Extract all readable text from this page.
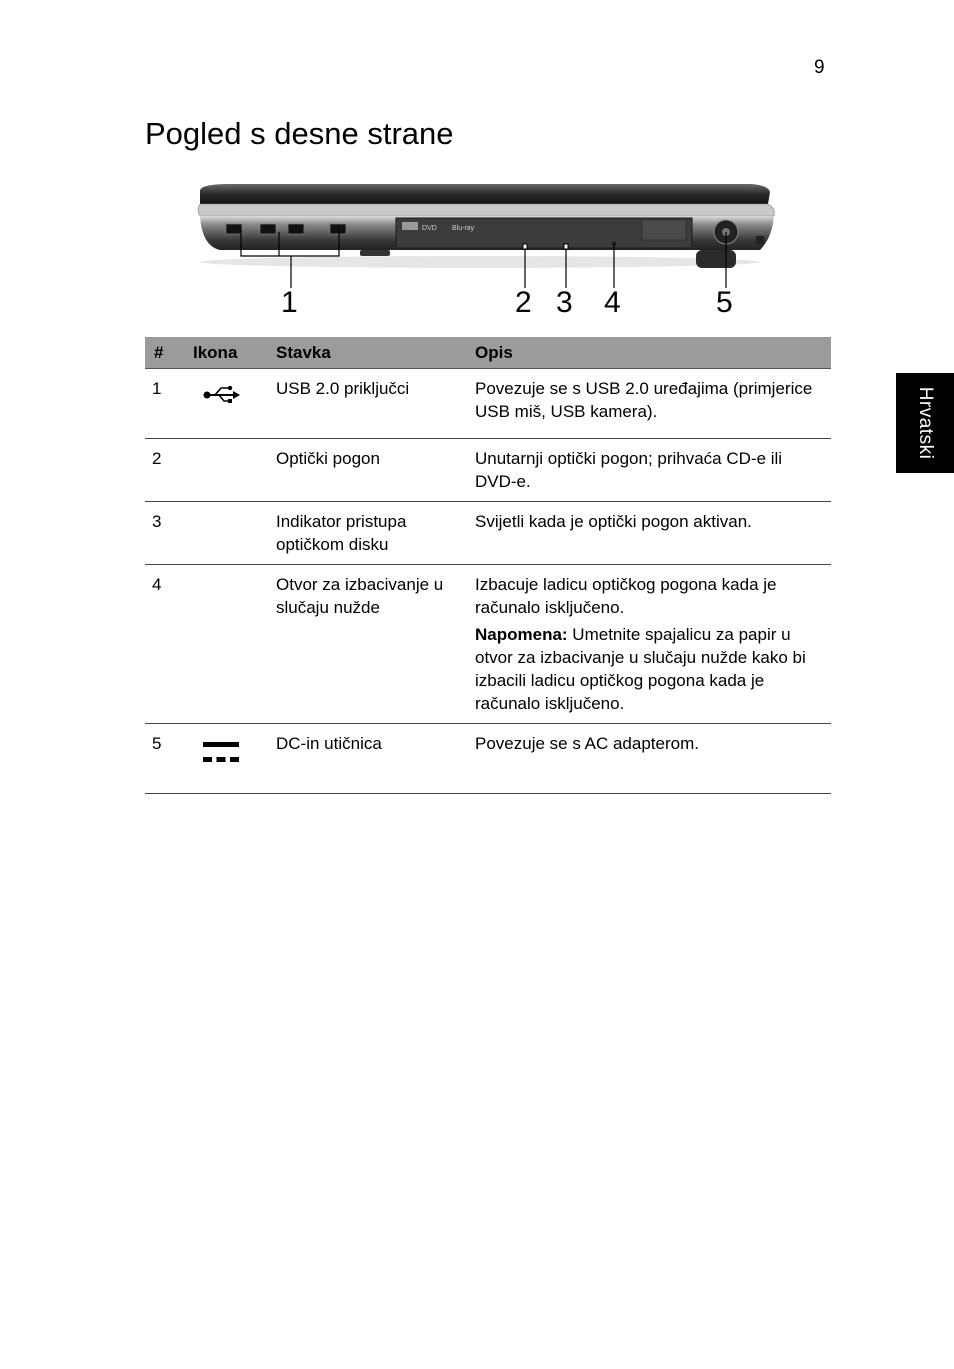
9
Pogled s desne strane
Hrvatski
DVD Blu-ray
1	2 3 4	5
#	Ikona	Stavka	Opis
1		USB 2.0 priključci	Povezuje se s USB 2.0 uređajima (primjerice USB miš, USB kamera).
2		Optički pogon	Unutarnji optički pogon; prihvaća CD-e ili DVD-e.
3		Indikator pristupa optičkom disku	Svijetli kada je optički pogon aktivan.
4		Otvor za izbacivanje u slučaju nužde	Izbacuje ladicu optičkog pogona kada je računalo isključeno.

Napomena: Umetnite spajalicu za papir u otvor za izbacivanje u slučaju nužde kako bi izbacili ladicu optičkog pogona kada je računalo isključeno.

5		DC-in utičnica	Povezuje se s AC adapterom.
